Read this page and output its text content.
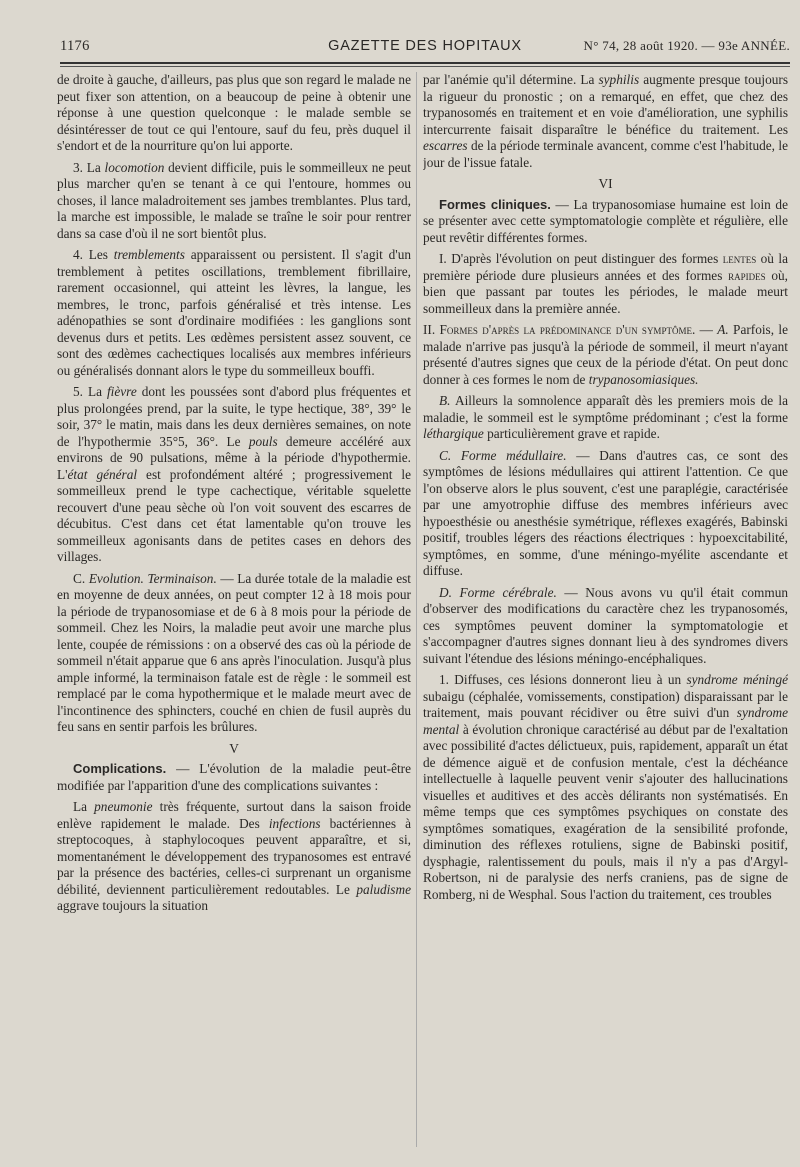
1176	GAZETTE DES HOPITAUX	N° 74, 28 août 1920. — 93e ANNÉE.

de droite à gauche, d'ailleurs, pas plus que son regard le malade ne peut fixer son attention, on a beaucoup de peine à obtenir une réponse à une question quelconque : le malade semble se désintéresser de tout ce qui l'entoure, sauf du feu, près duquel il s'endort et de la nourriture qu'on lui apporte.

3. La locomotion devient difficile, puis le sommeilleux ne peut plus marcher qu'en se tenant à ce qui l'entoure, hommes ou choses, il lance maladroitement ses jambes tremblantes. Plus tard, la marche est impossible, le malade se traîne le soir pour rentrer dans sa case d'où il ne sort bientôt plus.

4. Les tremblements apparaissent ou persistent. Il s'agit d'un tremblement à petites oscillations, tremblement fibrillaire, rarement occasionnel, qui atteint les lèvres, la langue, les membres, le tronc, parfois généralisé et très intense. Les adénopathies se sont d'ordinaire modifiées : les ganglions sont devenus durs et petits. Les œdèmes persistent assez souvent, ce sont des œdèmes cachectiques localisés aux membres inférieurs ou généralisés donnant alors le type du sommeilleux bouffi.

5. La fièvre dont les poussées sont d'abord plus fréquentes et plus prolongées prend, par la suite, le type hectique, 38°, 39° le soir, 37° le matin, mais dans les deux dernières semaines, on note de l'hypothermie 35°5, 36°. Le pouls demeure accéléré aux environs de 90 pulsations, même à la période d'hypothermie. L'état général est profondément altéré ; progressivement le sommeilleux prend le type cachectique, véritable squelette recouvert d'une peau sèche où l'on voit souvent des escarres de décubitus. C'est dans cet état lamentable qu'on trouve les sommeilleux agonisants dans de petites cases en dehors des villages.

C. Evolution. Terminaison. — La durée totale de la maladie est en moyenne de deux années, on peut compter 12 à 18 mois pour la période de trypanosomiase et de 6 à 8 mois pour la période de sommeil. Chez les Noirs, la maladie peut avoir une marche plus lente, coupée de rémissions : on a observé des cas où la période de sommeil n'était apparue que 6 ans après l'inoculation. Jusqu'à plus ample informé, la terminaison fatale est de règle : le sommeil est remplacé par le coma hypothermique et le malade meurt avec de l'incontinence des sphincters, couché en chien de fusil auprès du feu sans en sentir parfois les brûlures.

V

Complications. — L'évolution de la maladie peut-être modifiée par l'apparition d'une des complications suivantes :

La pneumonie très fréquente, surtout dans la saison froide enlève rapidement le malade. Des infections bactériennes à streptocoques, à staphylocoques peuvent apparaître, et si, momentanément le développement des trypanosomes est entravé par la présence des bactéries, celles-ci surprenant un organisme débilité, deviennent particulièrement redoutables. Le paludisme aggrave toujours la situation

par l'anémie qu'il détermine. La syphilis augmente presque toujours la rigueur du pronostic ; on a remarqué, en effet, que chez des trypanosomés en traitement et en voie d'amélioration, une syphilis intercurrente faisait disparaître le bénéfice du traitement. Les escarres de la période terminale avancent, comme c'est l'habitude, le jour de l'issue fatale.

VI

Formes cliniques. — La trypanosomiase humaine est loin de se présenter avec cette symptomatologie complète et régulière, elle peut revêtir différentes formes.

I. D'après l'évolution on peut distinguer des formes lentes où la première période dure plusieurs années et des formes rapides où, bien que passant par toutes les périodes, le malade meurt sommeilleux dans la première année.

II. Formes d'après la prédominance d'un symptôme. — A. Parfois, le malade n'arrive pas jusqu'à la période de sommeil, il meurt n'ayant présenté d'autres signes que ceux de la période d'état. On peut donc donner à ces formes le nom de trypanosomiasiques.

B. Ailleurs la somnolence apparaît dès les premiers mois de la maladie, le sommeil est le symptôme prédominant ; c'est la forme léthargique particulièrement grave et rapide.

C. Forme médullaire. — Dans d'autres cas, ce sont des symptômes de lésions médullaires qui attirent l'attention. Ce que l'on observe alors le plus souvent, c'est une paraplégie, caractérisée par une amyotrophie diffuse des membres inférieurs avec hypoesthésie ou anesthésie symétrique, réflexes exagérés, Babinski positif, troubles légers des réactions électriques : hypoexcitabilité, symptômes, en somme, d'une méningo-myélite ascendante et diffuse.

D. Forme cérébrale. — Nous avons vu qu'il était commun d'observer des modifications du caractère chez les trypanosomés, ces symptômes peuvent dominer la symptomatologie et s'accompagner d'autres signes donnant lieu à des syndromes divers suivant l'étendue des lésions méningo-encéphaliques.

1. Diffuses, ces lésions donneront lieu à un syndrome méningé subaigu (céphalée, vomissements, constipation) disparaissant par le traitement, mais pouvant récidiver ou être suivi d'un syndrome mental à évolution chronique caractérisé au début par de l'exaltation avec possibilité d'actes délictueux, puis, rapidement, apparaît un état de démence aiguë et de confusion mentale, c'est la déchéance intellectuelle à laquelle peuvent venir s'ajouter des hallucinations visuelles et auditives et des accès délirants non systématisés. En même temps que ces symptômes psychiques on constate des symptômes somatiques, exagération de la sensibilité profonde, diminution des réflexes rotuliens, signe de Babinski positif, dysphagie, ralentissement du pouls, mais il n'y a pas d'Argyl-Robertson, ni de paralysie des nerfs craniens, pas de signe de Romberg, ni de Wesphal. Sous l'action du traitement, ces troubles
